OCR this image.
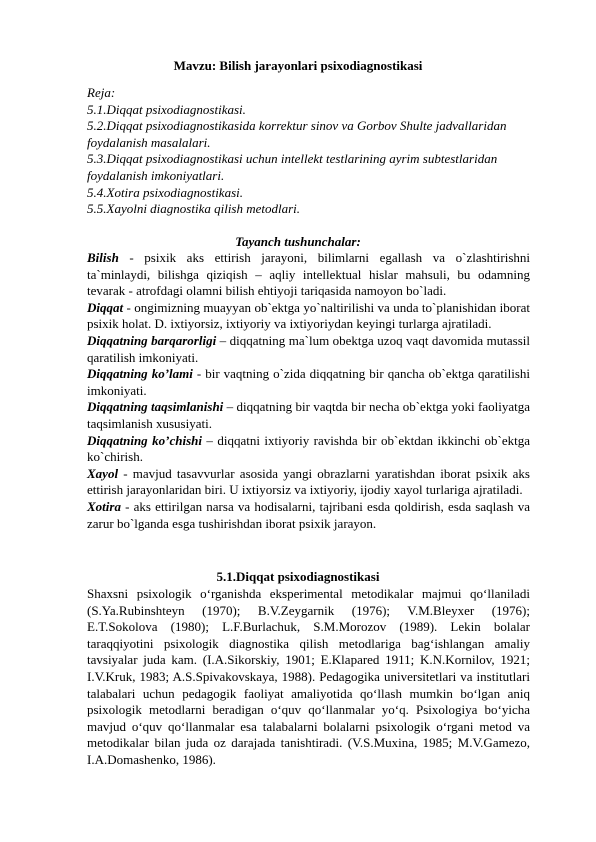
Mavzu: Bilish jarayonlari psixodiagnostikasi
Reja:
5.1.Diqqat psixodiagnostikasi.
5.2.Diqqat psixodiagnostikasida korrektur sinov va Gorbov Shulte jadvallaridan
foydalanish masalalari.
5.3.Diqqat psixodiagnostikasi uchun intellekt testlarining ayrim subtestlaridan
foydalanish imkoniyatlari.
5.4.Xotira psixodiagnostikasi.
5.5.Xayolni diagnostika qilish metodlari.
Tayanch tushunchalar:

Bilish - psixik aks ettirish jarayoni, bilimlarni egallash va o`zlashtirishni ta`minlaydi, bilishga qiziqish – aqliy intellektual hislar mahsuli, bu odamning tevarak - atrofdagi olamni bilish ehtiyoji tariqasida namoyon bo`ladi.

Diqqat - ongimizning muayyan ob`ektga yo`naltirilishi va unda to`planishidan iborat psixik holat. D. ixtiyorsiz, ixtiyoriy va ixtiyoriydan keyingi turlarga ajratiladi.

Diqqatning barqarorligi – diqqatning ma`lum obektga uzoq vaqt davomida mutassil qaratilish imkoniyati.

Diqqatning ko’lami - bir vaqtning o`zida diqqatning bir qancha ob`ektga qaratilishi imkoniyati.

Diqqatning taqsimlanishi – diqqatning bir vaqtda bir necha ob`ektga yoki faoliyatga taqsimlanish xususiyati.

Diqqatning ko’chishi – diqqatni ixtiyoriy ravishda bir ob`ektdan ikkinchi ob`ektga ko`chirish.

Xayol - mavjud tasavvurlar asosida yangi obrazlarni yaratishdan iborat psixik aks ettirish jarayonlaridan biri. U ixtiyorsiz va ixtiyoriy, ijodiy xayol turlariga ajratiladi.

Xotira - aks ettirilgan narsa va hodisalarni, tajribani esda qoldirish, esda saqlash va zarur bo`lganda esga tushirishdan iborat psixik jarayon.

5.1.Diqqat psixodiagnostikasi

Shaxsni psixologik o‘rganishda eksperimental metodikalar majmui qo‘llaniladi (S.Ya.Rubinshteyn (1970); B.V.Zeygarnik (1976); V.M.Bleyxer (1976); E.T.Sokolova (1980); L.F.Burlachuk, S.M.Morozov (1989). Lekin bolalar taraqqiyotini psixologik diagnostika qilish metodlariga bag‘ishlangan amaliy tavsiyalar juda kam. (I.A.Sikorskiy, 1901; E.Klapared 1911; K.N.Kornilov, 1921; I.V.Kruk, 1983; A.S.Spivakovskaya, 1988). Pedagogika universitetlari va institutlari talabalari uchun pedagogik faoliyat amaliyotida qo‘llash mumkin bo‘lgan aniq psixologik metodlarni beradigan o‘quv qo‘llanmalar yo‘q. Psixologiya bo‘yicha mavjud o‘quv qo‘llanmalar esa talabalarni bolalarni psixologik o‘rgani metod va metodikalar bilan juda oz darajada tanishtiradi. (V.S.Muxina, 1985; M.V.Gamezo, I.A.Domashenko, 1986).
